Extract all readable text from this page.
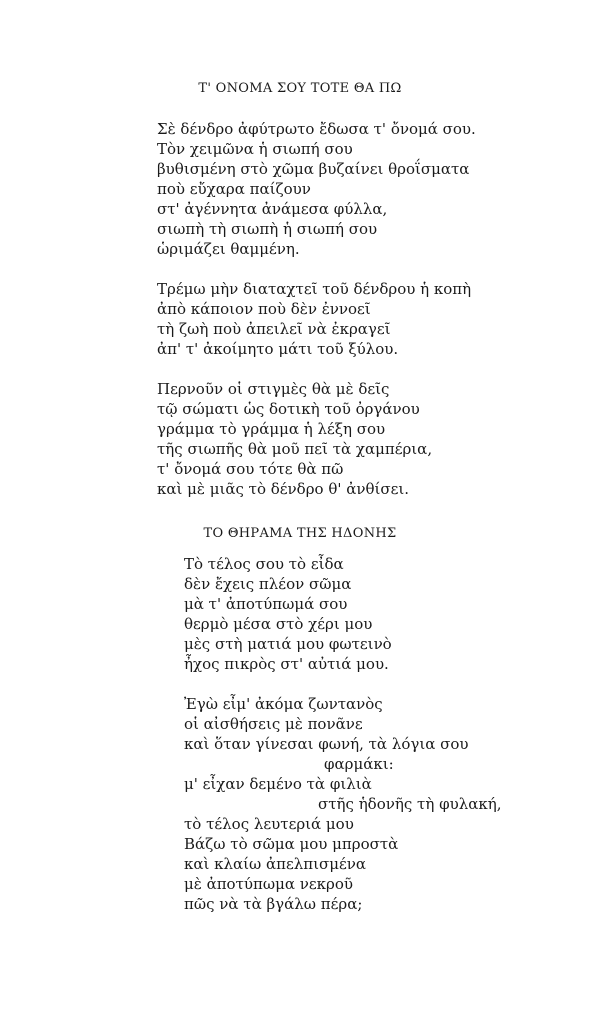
Τ' ΟΝΟΜΑ ΣΟΥ ΤΟΤΕ ΘΑ ΠΩ
Σὲ δένδρο ἀφύτρωτο ἔδωσα τ' ὄνομά σου.
Τὸν χειμῶνα ἡ σιωπή σου
βυθισμένη στὸ χῶμα βυζαίνει θροΐσματα
ποὺ εὔχαρα παίζουν
στ' ἀγέννητα ἀνάμεσα φύλλα,
σιωπὴ τὴ σιωπὴ ἡ σιωπή σου
ὡριμάζει θαμμένη.
Τρέμω μὴν διαταχτεῖ τοῦ δένδρου ἡ κοπὴ
ἀπὸ κάποιον ποὺ δὲν ἐννοεῖ
τὴ ζωὴ ποὺ ἀπειλεῖ νὰ ἐκραγεῖ
ἀπ' τ' ἀκοίμητο μάτι τοῦ ξύλου.
Περνοῦν οἱ στιγμὲς θὰ μὲ δεῖς
τῷ σώματι ὡς δοτικὴ τοῦ ὀργάνου
γράμμα τὸ γράμμα ἡ λέξη σου
τῆς σιωπῆς θὰ μοῦ πεῖ τὰ χαμπέρια,
τ' ὄνομά σου τότε θὰ πῶ
καὶ μὲ μιᾶς τὸ δένδρο θ' ἀνθίσει.
ΤΟ ΘΗΡΑΜΑ ΤΗΣ ΗΔΟΝΗΣ
Τὸ τέλος σου τὸ εἶδα
δὲν ἔχεις πλέον σῶμα
μὰ τ' ἀποτύπωμά σου
θερμὸ μέσα στὸ χέρι μου
μὲς στὴ ματιά μου φωτεινὸ
ἦχος πικρὸς στ' αὐτιά μου.
Ἐγὼ εἶμ' ἀκόμα ζωντανὸς
οἱ αἰσθήσεις μὲ πονᾶνε
καὶ ὅταν γίνεσαι φωνή, τὰ λόγια σου
φαρμάκι:
μ' εἶχαν δεμένο τὰ φιλιὰ
στῆς ἡδονῆς τὴ φυλακή,
τὸ τέλος λευτεριά μου
Βάζω τὸ σῶμα μου μπροστὰ
καὶ κλαίω ἀπελπισμένα
μὲ ἀποτύπωμα νεκροῦ
πῶς νὰ τὰ βγάλω πέρα;
